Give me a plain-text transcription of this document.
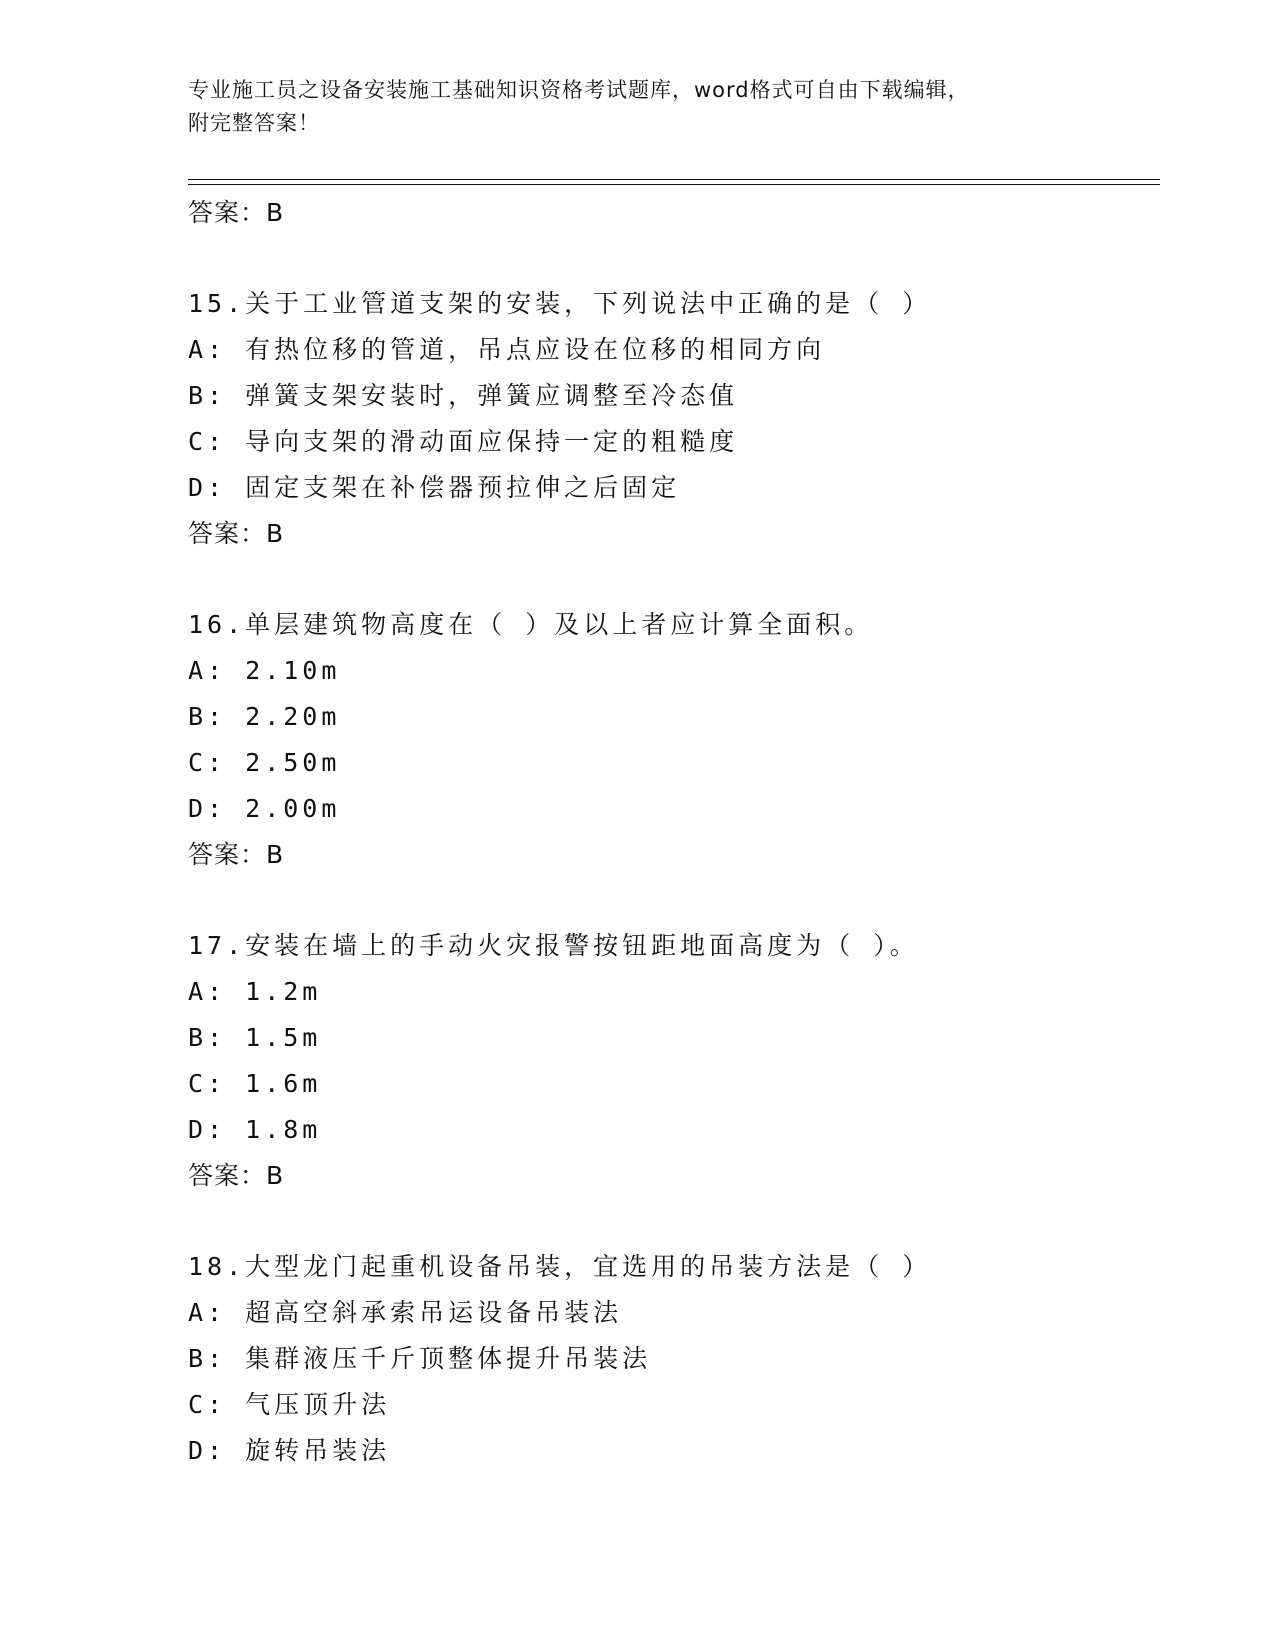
专业施工员之设备安装施工基础知识资格考试题库，word格式可自由下载编辑，
附完整答案！
答案：B
15.关于工业管道支架的安装，下列说法中正确的是（ ）
A: 有热位移的管道，吊点应设在位移的相同方向
B: 弹簧支架安装时，弹簧应调整至冷态值
C: 导向支架的滑动面应保持一定的粗糙度
D: 固定支架在补偿器预拉伸之后固定
答案：B
16.单层建筑物高度在（ ）及以上者应计算全面积。
A: 2.10m
B: 2.20m
C: 2.50m
D: 2.00m
答案：B
17.安装在墙上的手动火灾报警按钮距地面高度为（ ）。
A: 1.2m
B: 1.5m
C: 1.6m
D: 1.8m
答案：B
18.大型龙门起重机设备吊装，宜选用的吊装方法是（ ）
A: 超高空斜承索吊运设备吊装法
B: 集群液压千斤顶整体提升吊装法
C: 气压顶升法
D: 旋转吊装法
